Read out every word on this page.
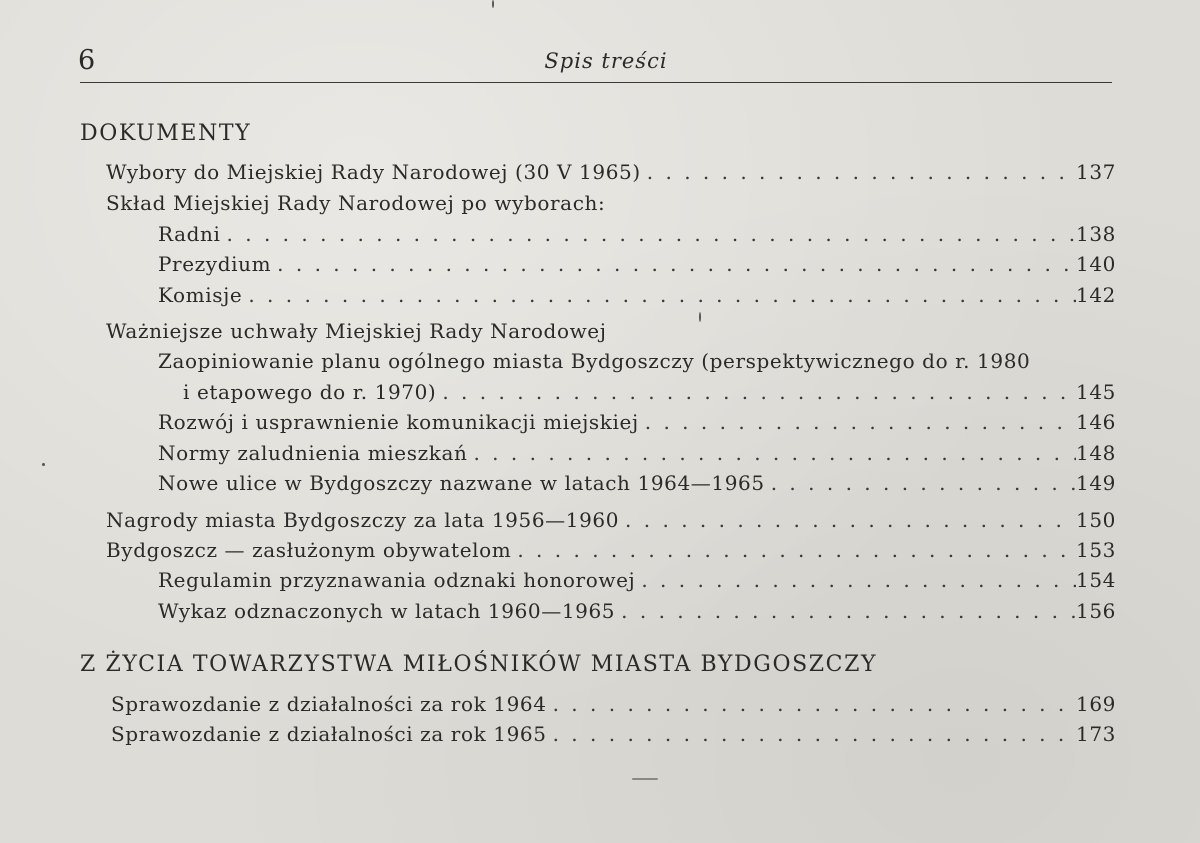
6	Spis treści
DOKUMENTY
Wybory do Miejskiej Rady Narodowej (30 V 1965) . . .	137
Skład Miejskiej Rady Narodowej po wyborach:
Radni . . .	138
Prezydium . . .	140
Komisje . . .	142
Ważniejsze uchwały Miejskiej Rady Narodowej
Zaopiniowanie planu ogólnego miasta Bydgoszczy (perspektywicznego do r. 1980
i etapowego do r. 1970) . . .	145
Rozwój i usprawnienie komunikacji miejskiej . . .	146
Normy zaludnienia mieszkań . . .	148
Nowe ulice w Bydgoszczy nazwane w latach 1964—1965 . . .	149
Nagrody miasta Bydgoszczy za lata 1956—1960 . . .	150
Bydgoszcz — zasłużonym obywatelom . . .	153
Regulamin przyznawania odznaki honorowej . . .	154
Wykaz odznaczonych w latach 1960—1965 . . .	156
Z ŻYCIA TOWARZYSTWA MIŁOŚNIKÓW MIASTA BYDGOSZCZY
Sprawozdanie z działalności za rok 1964 . . .	169
Sprawozdanie z działalności za rok 1965 . . .	173
